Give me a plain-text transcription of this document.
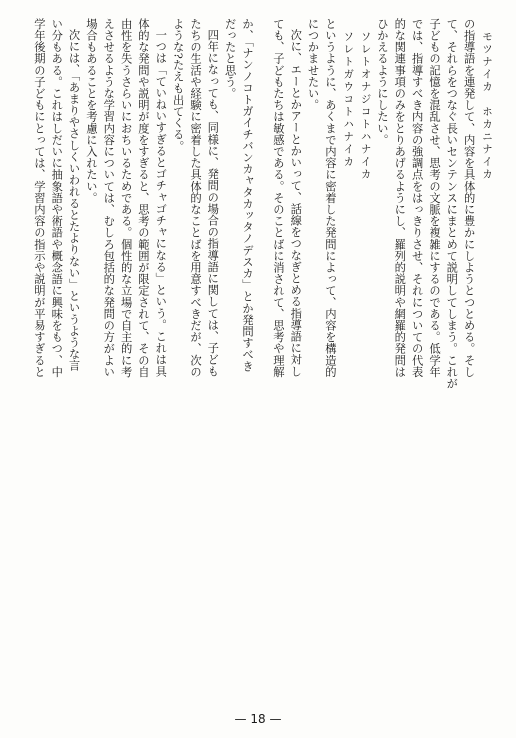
モツナイカ　ホカニナイカ

の指導語を連発して、内容を具体的に豊かにしようとつとめる。そし

て、それらをつなぐ長いセンテンスにまとめて説明してしまう。これが

子どもの記憶を混乱させ、思考の文脈を複雑にするのである。低学年

では、指導すべき内容の強調点をはっきりさせ、それについての代表

的な関連事項のみをとりあげるようにし、羅列的説明や網羅的発問は

ひかえるようにしたい。

ソレトオナジコトハナイカ

ソレトガウコトハナイカ

というように、あくまで内容に密着した発問によって、内容を構造的

につかませたい。

次に、エーとかアーとかいって、話線をつなぎとめる指導語に対し

ても、子どもたちは敏感である。そのことばに消されて、思考や理解

か、「ナンノコトガイチバンカャタカッタノデスカ」とか発問すべき

だったと思う。

四年になっても、同様に、発問の場合の指導語に関しては、子ども

たちの生活や経験に密着した具体的なことばを用意すべきだが、次の

ような?たえも出てくる。

一つは「ていねいすぎるとゴチャゴチャになる」という。これは具

体的な発問や説明が度をすぎると、思考の範囲が限定されて、その自

由性を失うさらいにおちいるためである。個性的な立場で自主的に考

えさせるような学習内容については、むしろ包括的な発問の方がよい

場合もあることを考慮に入れたい。

次には、「あまりやさしくいわれるとたよりない」というような言

い分もある。これはしだいに抽象語や術語や概念語に興味をもつ、中

学年後期の子どもにとっては、学習内容の指示や説明が平易すぎると

— 18 —
